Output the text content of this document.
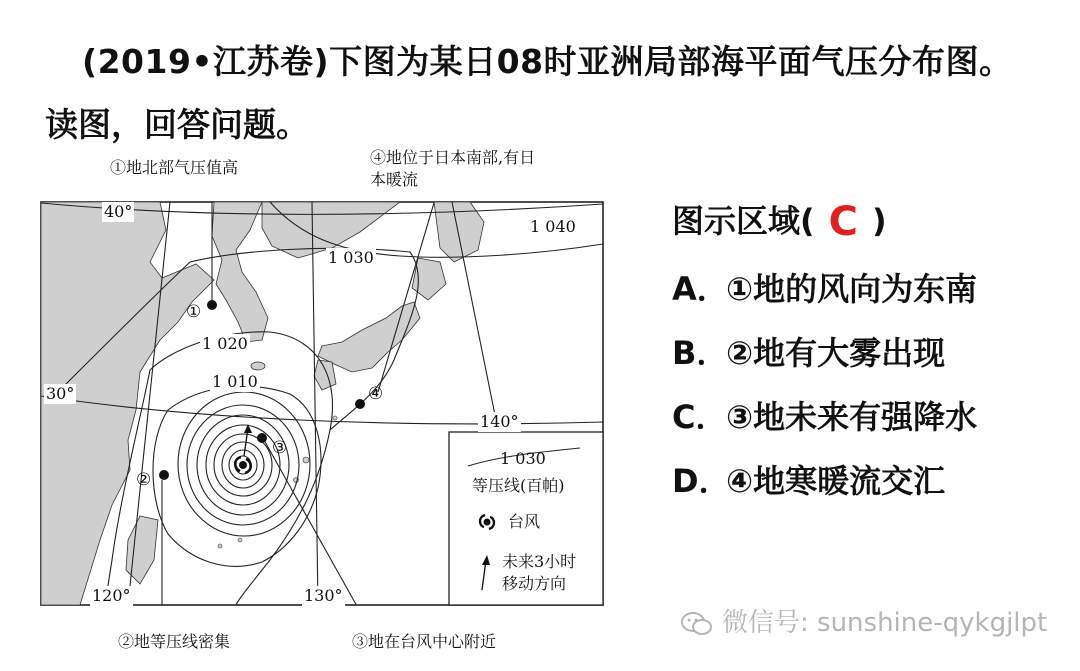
(2019•江苏卷)下图为某日08时亚洲局部海平面气压分布图。
读图，回答问题。
①地北部气压值高
④地位于日本南部,有日
本暖流
②地等压线密集	③地在台风中心附近
①
②
③
④
1 040
1 030
1 020
1 010
40°
30°
120°	130°
140°
1 030
等压线(百帕)
台风
未来3小时
移动方向
图示区域( C )
A．①地的风向为东南
B．②地有大雾出现
C．③地未来有强降水
D．④地寒暖流交汇
微信号: sunshine-qykgjlpt
